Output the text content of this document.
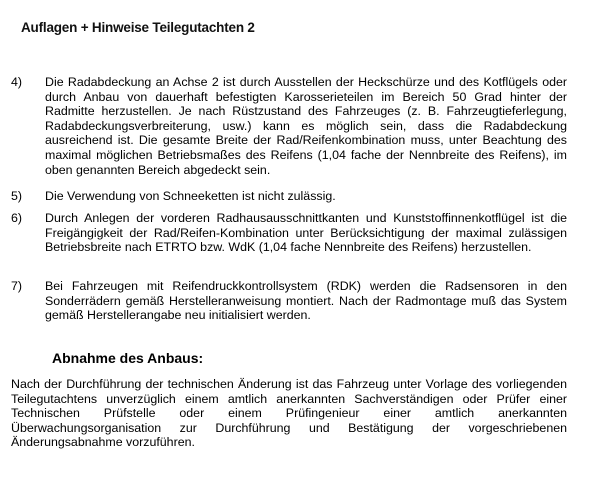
Auflagen + Hinweise Teilegutachten 2
4) Die Radabdeckung an Achse 2 ist durch Ausstellen der Heckschürze und des Kotflügels oder durch Anbau von dauerhaft befestigten Karosserieteilen im Bereich 50 Grad hinter der Radmitte herzustellen. Je nach Rüstzustand des Fahrzeuges (z. B. Fahrzeugtieferlegung, Radabdeckungsverbreiterung, usw.) kann es möglich sein, dass die Radabdeckung ausreichend ist. Die gesamte Breite der Rad/Reifenkombination muss, unter Beachtung des maximal möglichen Betriebsmaßes des Reifens (1,04 fache der Nennbreite des Reifens), im oben genannten Bereich abgedeckt sein.
5) Die Verwendung von Schneeketten ist nicht zulässig.
6) Durch Anlegen der vorderen Radhausausschnittkanten und Kunststoffinnenkotflügel ist die Freigängigkeit der Rad/Reifen-Kombination unter Berücksichtigung der maximal zulässigen Betriebsbreite nach ETRTO bzw. WdK (1,04 fache Nennbreite des Reifens) herzustellen.
7) Bei Fahrzeugen mit Reifendruckkontrollsystem (RDK) werden die Radsensoren in den Sonderrädern gemäß Herstelleranweisung montiert. Nach der Radmontage muß das System gemäß Herstellerangabe neu initialisiert werden.
Abnahme des Anbaus:
Nach der Durchführung der technischen Änderung ist das Fahrzeug unter Vorlage des vorliegenden Teilegutachtens unverzüglich einem amtlich anerkannten Sachverständigen oder Prüfer einer Technischen Prüfstelle oder einem Prüfingenieur einer amtlich anerkannten Überwachungsorganisation zur Durchführung und Bestätigung der vorgeschriebenen Änderungsabnahme vorzuführen.
